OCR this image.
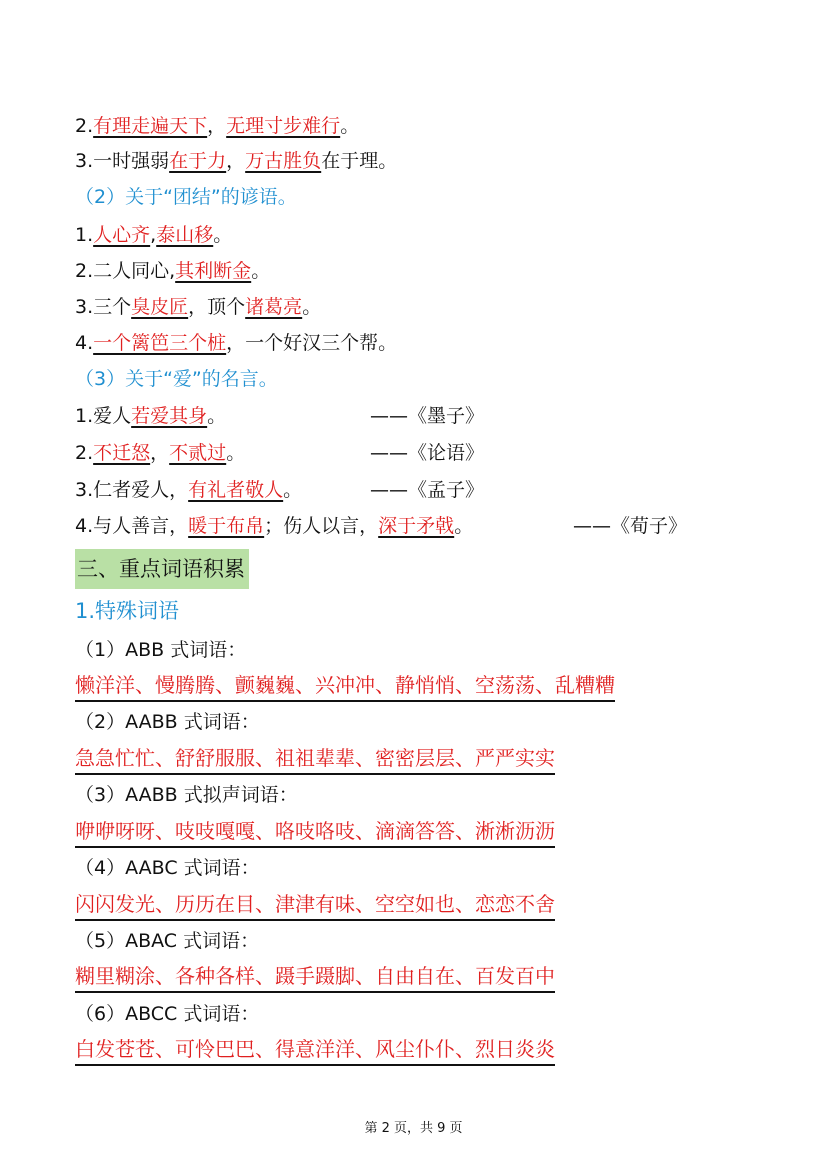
2.有理走遍天下，无理寸步难行。
3.一时强弱在于力，万古胜负在于理。
（2）关于“团结”的谚语。
1.人心齐,泰山移。
2.二人同心,其利断金。
3.三个臭皮匠，顶个诸葛亮。
4.一个篱笆三个桩，一个好汉三个帮。
（3）关于“爱”的名言。
1.爱人若爱其身。	——《墨子》
2.不迁怒，不贰过。	——《论语》
3.仁者爱人，有礼者敬人。	——《孟子》
4.与人善言，暖于布帛；伤人以言，深于矛戟。	——《荀子》
三、重点词语积累
1.特殊词语
（1）ABB 式词语：
懒洋洋、慢腾腾、颤巍巍、兴冲冲、静悄悄、空荡荡、乱糟糟
（2）AABB 式词语：
急急忙忙、舒舒服服、祖祖辈辈、密密层层、严严实实
（3）AABB 式拟声词语：
咿咿呀呀、吱吱嘎嘎、咯吱咯吱、滴滴答答、淅淅沥沥
（4）AABC 式词语：
闪闪发光、历历在目、津津有味、空空如也、恋恋不舍
（5）ABAC 式词语：
糊里糊涂、各种各样、蹑手蹑脚、自由自在、百发百中
（6）ABCC 式词语：
白发苍苍、可怜巴巴、得意洋洋、风尘仆仆、烈日炎炎
第 2 页，共 9 页
